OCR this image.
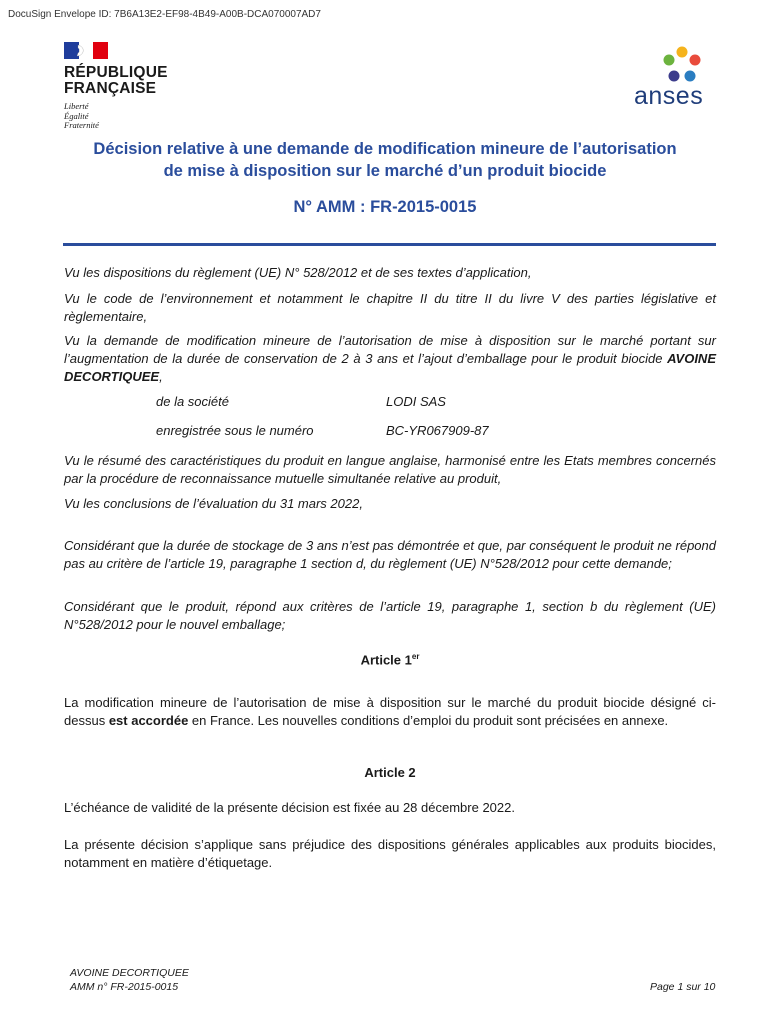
DocuSign Envelope ID: 7B6A13E2-EF98-4B49-A00B-DCA070007AD7
RÉPUBLIQUE
FRANÇAISE
Liberté
Égalité
Fraternité
anses
Décision relative à une demande de modification mineure de l’autorisation
de mise à disposition sur le marché d’un produit biocide
N° AMM : FR-2015-0015
Vu les dispositions du règlement (UE) N° 528/2012 et de ses textes d’application,
Vu le code de l’environnement et notamment le chapitre II du titre II du livre V des parties législative et règlementaire,
Vu la demande de modification mineure de l’autorisation de mise à disposition sur le marché portant sur l’augmentation de la durée de conservation de 2 à 3 ans et l’ajout d’emballage pour le produit biocide AVOINE DECORTIQUEE,
de la société	LODI SAS
enregistrée sous le numéro	BC-YR067909-87
Vu le résumé des caractéristiques du produit en langue anglaise, harmonisé entre les Etats membres concernés par la procédure de reconnaissance mutuelle simultanée relative au produit,
Vu les conclusions de l’évaluation du 31 mars 2022,
Considérant que la durée de stockage de 3 ans n’est pas démontrée et que, par conséquent le produit ne répond pas au critère de l’article 19, paragraphe 1 section d, du règlement (UE) N°528/2012 pour cette demande;
Considérant que le produit, répond aux critères de l’article 19, paragraphe 1, section b du règlement (UE) N°528/2012 pour le nouvel emballage;
Article 1er
La modification mineure de l’autorisation de mise à disposition sur le marché du produit biocide désigné ci-dessus est accordée en France. Les nouvelles conditions d’emploi du produit sont précisées en annexe.
Article 2
L’échéance de validité de la présente décision est fixée au 28 décembre 2022.
La présente décision s’applique sans préjudice des dispositions générales applicables aux produits biocides, notamment en matière d’étiquetage.
AVOINE DECORTIQUEE
AMM n° FR-2015-0015	Page 1 sur 10
